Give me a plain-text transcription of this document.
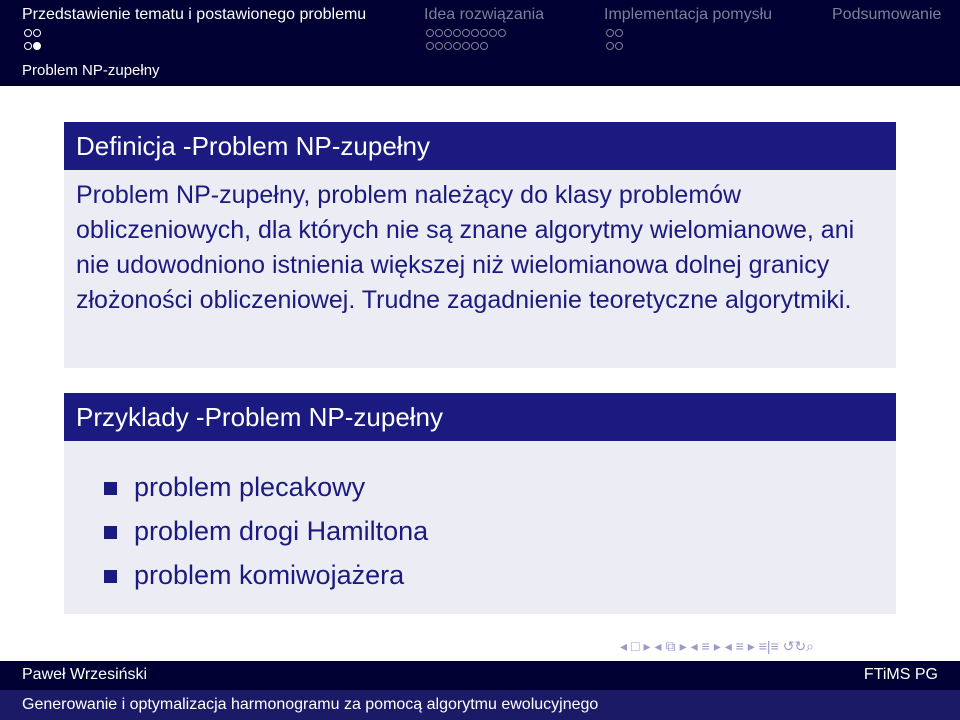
Przedstawienie tematu i postawionego problemu	Idea rozwiązania	Implementacja pomysłu	Podsumowanie
Problem NP-zupełny
Definicja -Problem NP-zupełny
Problem NP-zupełny, problem należący do klasy problemów obliczeniowych, dla których nie są znane algorytmy wielomianowe, ani nie udowodniono istnienia większej niż wielomianowa dolnej granicy złożoności obliczeniowej. Trudne zagadnienie teoretyczne algorytmiki.
Przyklady -Problem NP-zupełny
problem plecakowy
problem drogi Hamiltona
problem komiwojażera
◂ □ ▸ ◂ ⧉ ▸ ◂ ≡ ▸ ◂ ≡ ▸ ≡|≡ ↺↻⌕
Paweł Wrzesiński	FTiMS PG
Generowanie i optymalizacja harmonogramu za pomocą algorytmu ewolucyjnego
